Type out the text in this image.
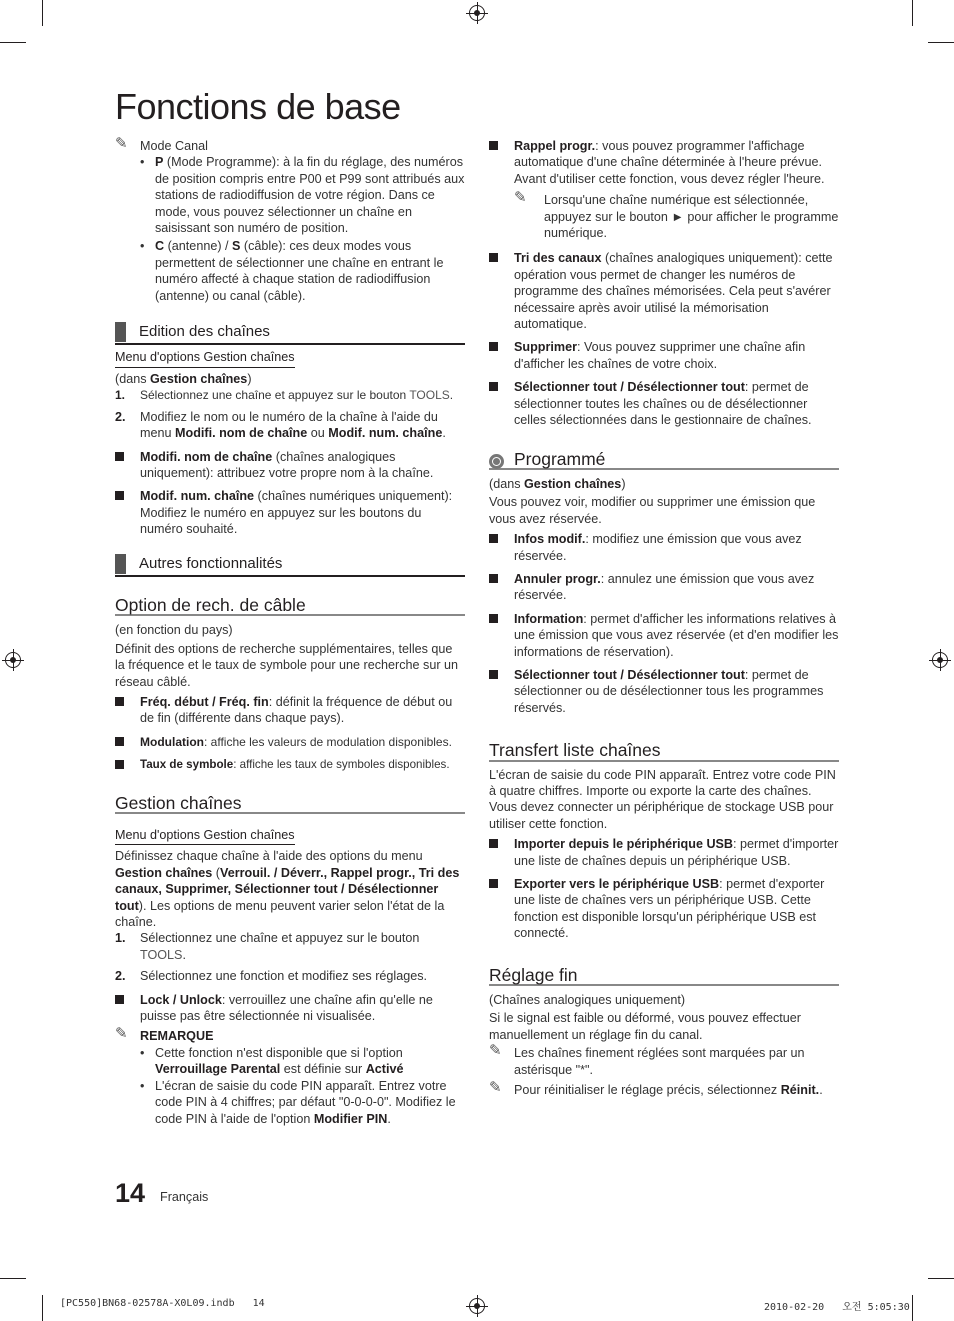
Fonctions de base
✎ Mode Canal
• P (Mode Programme): à la fin du réglage, des numéros de position compris entre P00 et P99 sont attribués aux stations de radiodiffusion de votre région. Dans ce mode, vous pouvez sélectionner un chaîne en saisissant son numéro de position.
• C (antenne) / S (câble): ces deux modes vous permettent de sélectionner une chaîne en entrant le numéro affecté à chaque station de radiodiffusion (antenne) ou canal (câble).
Edition des chaînes
Menu d'options Gestion chaînes

(dans Gestion chaînes)

1. Sélectionnez une chaîne et appuyez sur le bouton TOOLS.
2. Modifiez le nom ou le numéro de la chaîne à l'aide du menu Modifi. nom de chaîne ou Modif. num. chaîne.
Modifi. nom de chaîne (chaînes analogiques uniquement): attribuez votre propre nom à la chaîne.
Modif. num. chaîne (chaînes numériques uniquement): Modifiez le numéro en appuyez sur les boutons du numéro souhaité.
Autres fonctionnalités
Option de rech. de câble

(en fonction du pays)

Définit des options de recherche supplémentaires, telles que la fréquence et le taux de symbole pour une recherche sur un réseau câblé.

Fréq. début / Fréq. fin: définit la fréquence de début ou de fin (différente dans chaque pays).
Modulation: affiche les valeurs de modulation disponibles.
Taux de symbole: affiche les taux de symboles disponibles.
Gestion chaînes
Menu d'options Gestion chaînes

Définissez chaque chaîne à l'aide des options du menu Gestion chaînes (Verrouil. / Déverr., Rappel progr., Tri des canaux, Supprimer, Sélectionner tout / Désélectionner tout). Les options de menu peuvent varier selon l'état de la chaîne.

1. Sélectionnez une chaîne et appuyez sur le bouton TOOLS.
2. Sélectionnez une fonction et modifiez ses réglages.
Lock / Unlock: verrouillez une chaîne afin qu'elle ne puisse pas être sélectionnée ni visualisée.
✎ REMARQUE
• Cette fonction n'est disponible que si l'option Verrouillage Parental est définie sur Activé
• L'écran de saisie du code PIN apparaît. Entrez votre code PIN à 4 chiffres; par défaut "0-0-0-0". Modifiez le code PIN à l'aide de l'option Modifier PIN.
Rappel progr.: vous pouvez programmer l'affichage automatique d'une chaîne déterminée à l'heure prévue. Avant d'utiliser cette fonction, vous devez régler l'heure.
✎ Lorsqu'une chaîne numérique est sélectionnée, appuyez sur le bouton ► pour afficher le programme numérique.
Tri des canaux (chaînes analogiques uniquement): cette opération vous permet de changer les numéros de programme des chaînes mémorisées. Cela peut s'avérer nécessaire après avoir utilisé la mémorisation automatique.
Supprimer: Vous pouvez supprimer une chaîne afin d'afficher les chaînes de votre choix.
Sélectionner tout / Désélectionner tout: permet de sélectionner toutes les chaînes ou de désélectionner celles sélectionnées dans le gestionnaire de chaînes.
Programmé

(dans Gestion chaînes)

Vous pouvez voir, modifier ou supprimer une émission que vous avez réservée.

Infos modif.: modifiez une émission que vous avez réservée.
Annuler progr.: annulez une émission que vous avez réservée.
Information: permet d'afficher les informations relatives à une émission que vous avez réservée (et d'en modifier les informations de réservation).
Sélectionner tout / Désélectionner tout: permet de sélectionner ou de désélectionner tous les programmes réservés.
Transfert liste chaînes

L'écran de saisie du code PIN apparaît. Entrez votre code PIN à quatre chiffres. Importe ou exporte la carte des chaînes. Vous devez connecter un périphérique de stockage USB pour utiliser cette fonction.

Importer depuis le périphérique USB: permet d'importer une liste de chaînes depuis un périphérique USB.
Exporter vers le périphérique USB: permet d'exporter une liste de chaînes vers un périphérique USB. Cette fonction est disponible lorsqu'un périphérique USB est connecté.
Réglage fin

(Chaînes analogiques uniquement)

Si le signal est faible ou déformé, vous pouvez effectuer manuellement un réglage fin du canal.

✎ Les chaînes finement réglées sont marquées par un astérisque "*".
✎ Pour réinitialiser le réglage précis, sélectionnez Réinit..
14 Français
[PC550]BN68-02578A-X0L09.indb   14	2010-02-20   오전 5:05:30
